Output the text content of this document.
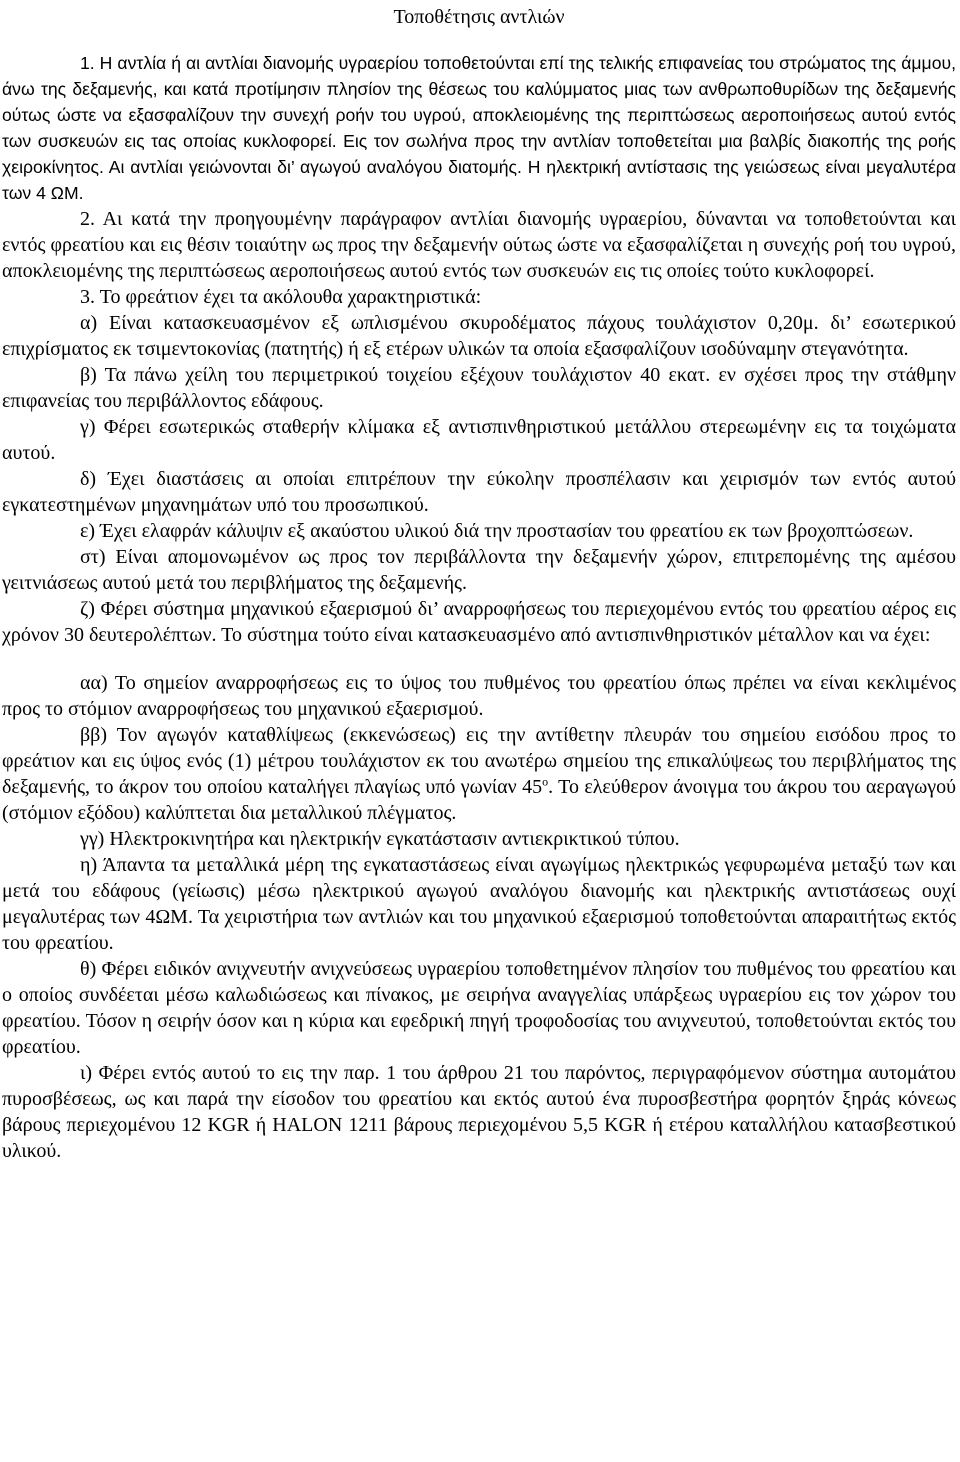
Τοποθέτησις αντλιών

1. Η αντλία ή αι αντλίαι διανομής υγραερίου τοποθετούνται επί της τελικής επιφανείας του στρώματος της άμμου, άνω της δεξαμενής, και κατά προτίμησιν πλησίον της θέσεως του καλύμματος μιας των ανθρωποθυρίδων της δεξαμενής ούτως ώστε να εξασφαλίζουν την συνεχή ροήν του υγρού, αποκλειομένης της περιπτώσεως αεροποιήσεως αυτού εντός των συσκευών εις τας οποίας κυκλοφορεί. Εις τον σωλήνα προς την αντλίαν τοποθετείται μια βαλβίς διακοπής της ροής χειροκίνητος. Αι αντλίαι γειώνονται δι’ αγωγού αναλόγου διατομής. Η ηλεκτρική αντίστασις της γειώσεως είναι μεγαλυτέρα των 4 ΩΜ.

2. Αι κατά την προηγουμένην παράγραφον αντλίαι διανομής υγραερίου, δύνανται να τοποθετούνται και εντός φρεατίου και εις θέσιν τοιαύτην ως προς την δεξαμενήν ούτως ώστε να εξασφαλίζεται η συνεχής ροή του υγρού, αποκλειομένης της περιπτώσεως αεροποιήσεως αυτού εντός των συσκευών εις τις οποίες τούτο κυκλοφορεί.

3. Το φρεάτιον έχει τα ακόλουθα χαρακτηριστικά:

α) Είναι κατασκευασμένον εξ ωπλισμένου σκυροδέματος πάχους τουλάχιστον 0,20μ. δι’ εσωτερικού επιχρίσματος εκ τσιμεντοκονίας (πατητής) ή εξ ετέρων υλικών τα οποία εξασφαλίζουν ισοδύναμην στεγανότητα.

β) Τα πάνω χείλη του περιμετρικού τοιχείου εξέχουν τουλάχιστον 40 εκατ. εν σχέσει προς την στάθμην επιφανείας του περιβάλλοντος εδάφους.

γ) Φέρει εσωτερικώς σταθερήν κλίμακα εξ αντισπινθηριστικού μετάλλου στερεωμένην εις τα τοιχώματα αυτού.

δ) Έχει διαστάσεις αι οποίαι επιτρέπουν την εύκολην προσπέλασιν και χειρισμόν των εντός αυτού εγκατεστημένων μηχανημάτων υπό του προσωπικού.

ε) Έχει ελαφράν κάλυψιν εξ ακαύστου υλικού διά την προστασίαν του φρεατίου εκ των βροχοπτώσεων.

στ) Είναι απομονωμένον ως προς τον περιβάλλοντα την δεξαμενήν χώρον, επιτρεπομένης της αμέσου γειτνιάσεως αυτού μετά του περιβλήματος της δεξαμενής.

ζ) Φέρει σύστημα μηχανικού εξαερισμού δι’ αναρροφήσεως του περιεχομένου εντός του φρεατίου αέρος εις χρόνον 30 δευτερολέπτων. Το σύστημα τούτο είναι κατασκευασμένο από αντισπινθηριστικόν μέταλλον και να έχει:

αα) Το σημείον αναρροφήσεως εις το ύψος του πυθμένος του φρεατίου όπως πρέπει να είναι κεκλιμένος προς το στόμιον αναρροφήσεως του μηχανικού εξαερισμού.

ββ) Τον αγωγόν καταθλίψεως (εκκενώσεως) εις την αντίθετην πλευράν του σημείου εισόδου προς το φρεάτιον και εις ύψος ενός (1) μέτρου τουλάχιστον εκ του ανωτέρω σημείου της επικαλύψεως του περιβλήματος της δεξαμενής, το άκρον του οποίου καταλήγει πλαγίως υπό γωνίαν $45^o$. Το ελεύθερον άνοιγμα του άκρου του αεραγωγού (στόμιον εξόδου) καλύπτεται δια μεταλλικού πλέγματος.

γγ) Ηλεκτροκινητήρα και ηλεκτρικήν εγκατάστασιν αντιεκρικτικού τύπου.

η) Άπαντα τα μεταλλικά μέρη της εγκαταστάσεως είναι αγωγίμως ηλεκτρικώς γεφυρωμένα μεταξύ των και μετά του εδάφους (γείωσις) μέσω ηλεκτρικού αγωγού αναλόγου διανομής και ηλεκτρικής αντιστάσεως ουχί μεγαλυτέρας των 4ΩΜ. Τα χειριστήρια των αντλιών και του μηχανικού εξαερισμού τοποθετούνται απαραιτήτως εκτός του φρεατίου.

θ) Φέρει ειδικόν ανιχνευτήν ανιχνεύσεως υγραερίου τοποθετημένον πλησίον του πυθμένος του φρεατίου και ο οποίος συνδέεται μέσω καλωδιώσεως και πίνακος, με σειρήνα αναγγελίας υπάρξεως υγραερίου εις τον χώρον του φρεατίου. Τόσον η σειρήν όσον και η κύρια και εφεδρική πηγή τροφοδοσίας του ανιχνευτού, τοποθετούνται εκτός του φρεατίου.

ι) Φέρει εντός αυτού το εις την παρ. 1 του άρθρου 21 του παρόντος, περιγραφόμενον σύστημα αυτομάτου πυροσβέσεως, ως και παρά την είσοδον του φρεατίου και εκτός αυτού ένα πυροσβεστήρα φορητόν ξηράς κόνεως βάρους περιεχομένου 12 KGR ή HALON 1211 βάρους περιεχομένου 5,5 KGR ή ετέρου καταλλήλου κατασβεστικού υλικού.
